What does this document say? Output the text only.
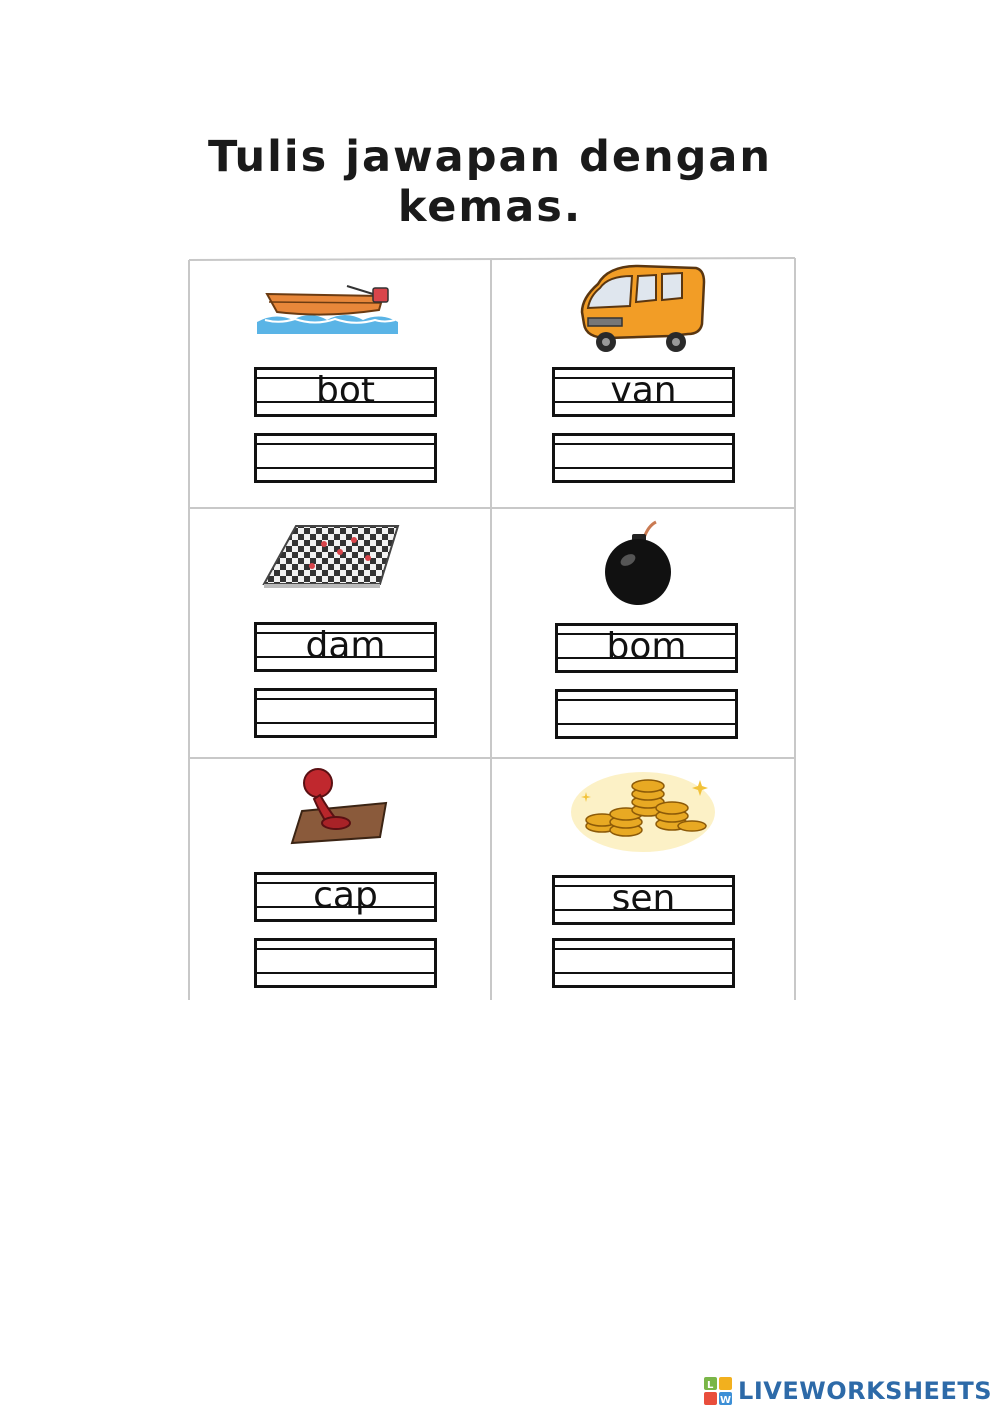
Tulis jawapan dengan
kemas.
bot	van
dam	bom
cap	sen
L
W LIVEWORKSHEETS
